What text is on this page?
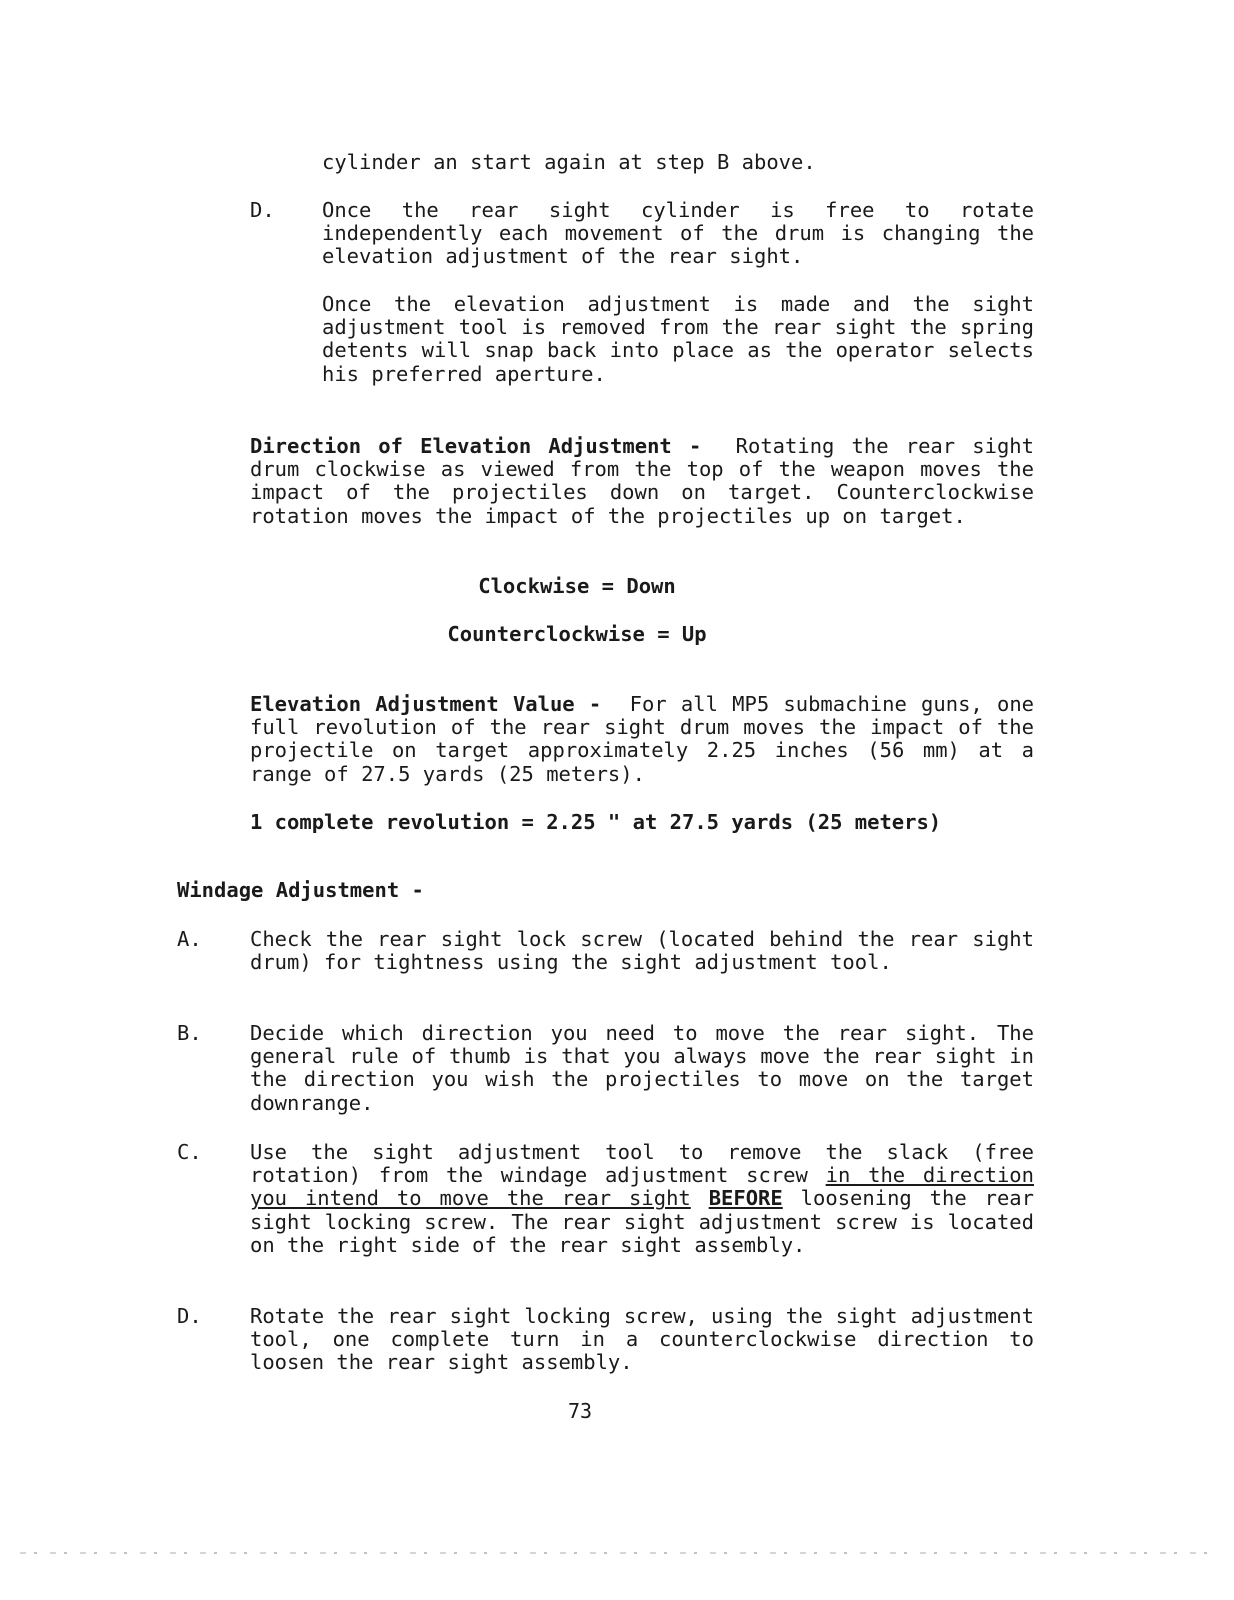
cylinder an start again at step B above.
D. Once the rear sight cylinder is free to rotate independently each movement of the drum is changing the elevation adjustment of the rear sight.
Once the elevation adjustment is made and the sight adjustment tool is removed from the rear sight the spring detents will snap back into place as the operator selects his preferred aperture.
Direction of Elevation Adjustment - Rotating the rear sight drum clockwise as viewed from the top of the weapon moves the impact of the projectiles down on target. Counterclockwise rotation moves the impact of the projectiles up on target.
Clockwise = Down
Counterclockwise = Up
Elevation Adjustment Value - For all MP5 submachine guns, one full revolution of the rear sight drum moves the impact of the projectile on target approximately 2.25 inches (56 mm) at a range of 27.5 yards (25 meters).
1 complete revolution = 2.25 " at 27.5 yards (25 meters)
Windage Adjustment -
A. Check the rear sight lock screw (located behind the rear sight drum) for tightness using the sight adjustment tool.
B. Decide which direction you need to move the rear sight. The general rule of thumb is that you always move the rear sight in the direction you wish the projectiles to move on the target downrange.
C. Use the sight adjustment tool to remove the slack (free rotation) from the windage adjustment screw in the direction you intend to move the rear sight BEFORE loosening the rear sight locking screw. The rear sight adjustment screw is located on the right side of the rear sight assembly.
D. Rotate the rear sight locking screw, using the sight adjustment tool, one complete turn in a counterclockwise direction to loosen the rear sight assembly.
73
